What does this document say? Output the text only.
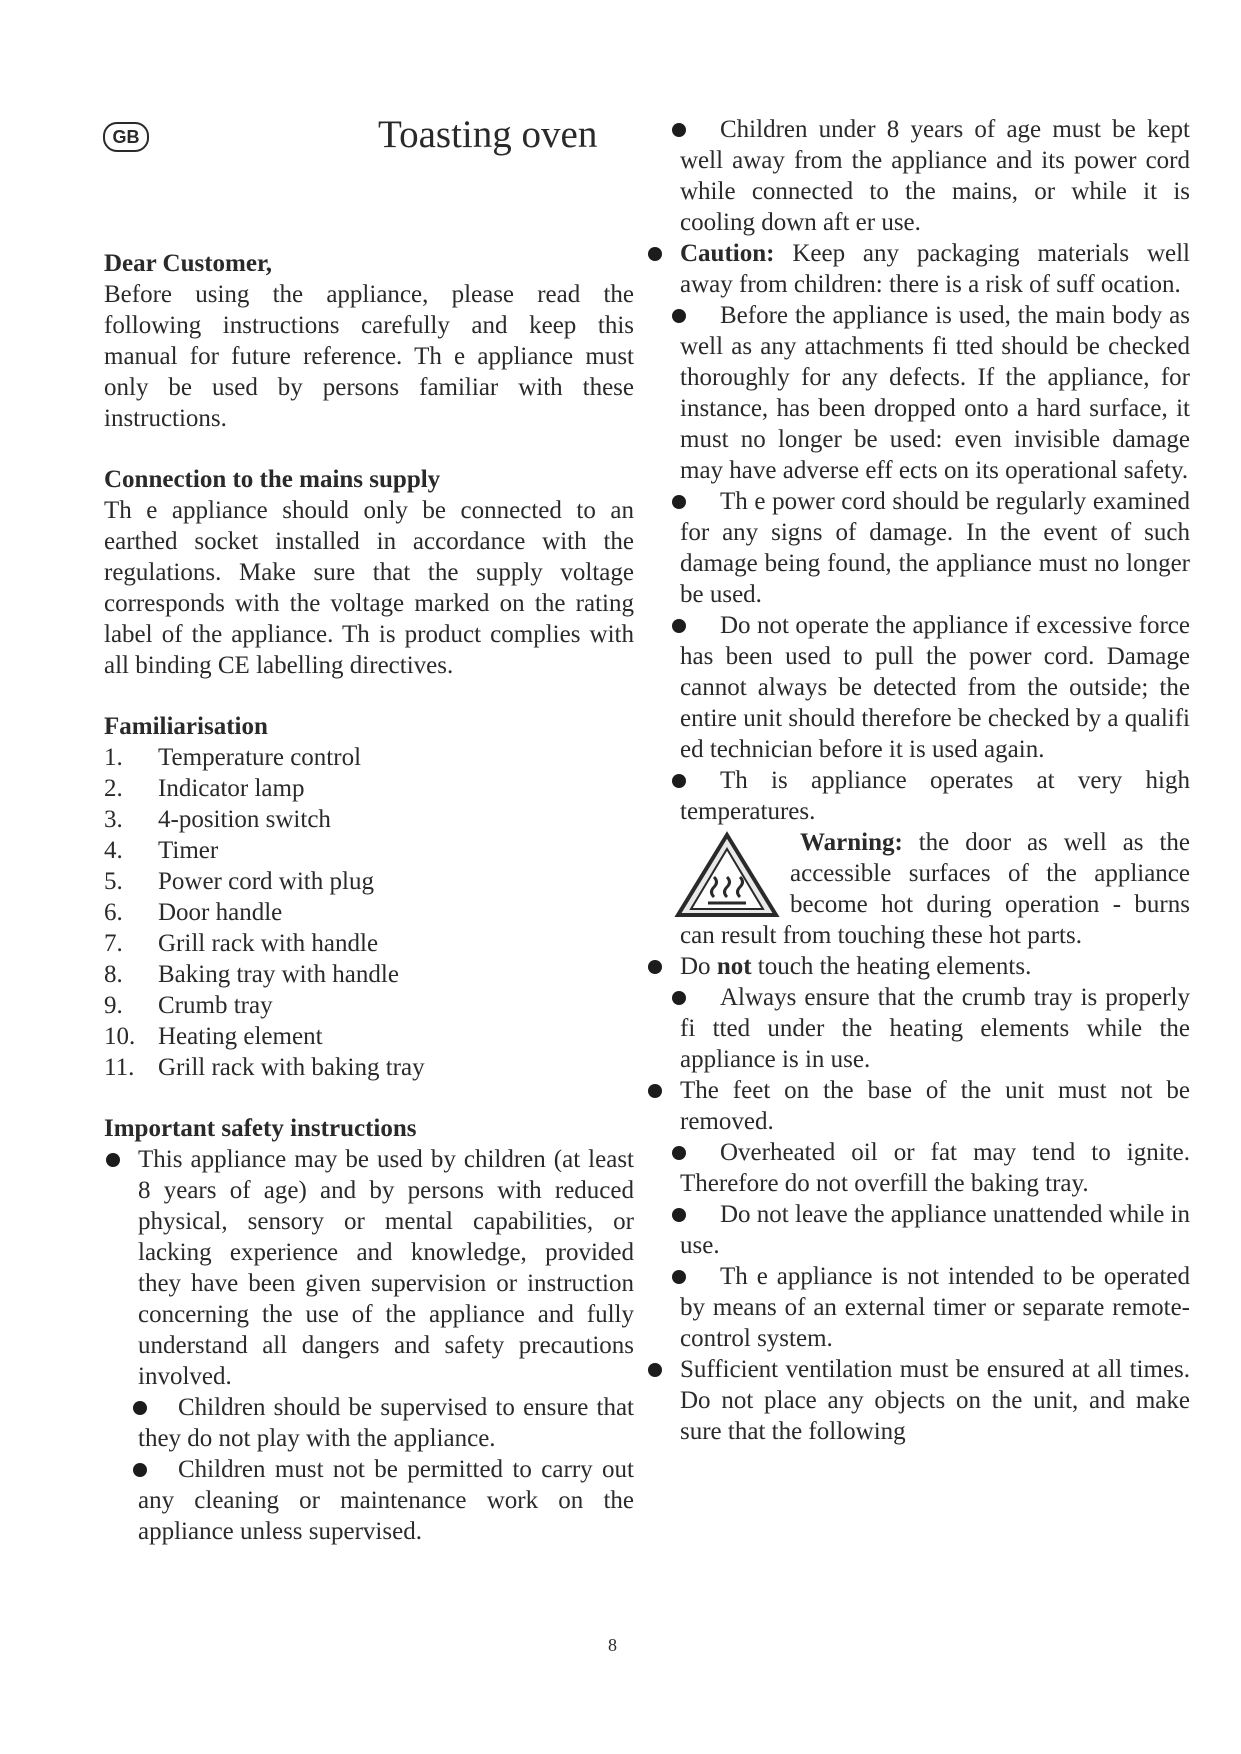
GB	Toasting oven

Dear Customer,

Before using the appliance, please read the following instructions carefully and keep this manual for future reference. Th e appliance must only be used by persons familiar with these instructions.

Connection to the mains supply

Th e appliance should only be connected to an earthed socket installed in accordance with the regulations. Make sure that the supply voltage corresponds with the voltage marked on the rating label of the appliance. Th is product complies with all binding CE labelling directives.

Familiarisation

1. Temperature control
2. Indicator lamp
3. 4-position switch
4. Timer
5. Power cord with plug
6. Door handle
7. Grill rack with handle
8. Baking tray with handle
9. Crumb tray
10. Heating element
11. Grill rack with baking tray

Important safety instructions

This appliance may be used by children (at least 8 years of age) and by persons with reduced physical, sensory or mental capabilities, or lacking experience and knowledge, provided they have been given supervision or instruction concerning the use of the appliance and fully understand all dangers and safety precautions involved.

Children should be supervised to ensure that they do not play with the appliance.

Children must not be permitted to carry out any cleaning or maintenance work on the appliance unless supervised.

Children under 8 years of age must be kept well away from the appliance and its power cord while connected to the mains, or while it is cooling down aft er use.

Caution: Keep any packaging materials well away from children: there is a risk of suff ocation.

Before the appliance is used, the main body as well as any attachments fi tted should be checked thoroughly for any defects. If the appliance, for instance, has been dropped onto a hard surface, it must no longer be used: even invisible damage may have adverse eff ects on its operational safety.

Th e power cord should be regularly examined for any signs of damage. In the event of such damage being found, the appliance must no longer be used.

Do not operate the appliance if excessive force has been used to pull the power cord. Damage cannot always be detected from the outside; the entire unit should therefore be checked by a qualifi ed technician before it is used again.

Th is appliance operates at very high temperatures.

Warning: the door as well as the accessible surfaces of the appliance become hot during operation - burns can result from touching these hot parts.

Do not touch the heating elements.

Always ensure that the crumb tray is properly fi tted under the heating elements while the appliance is in use.

The feet on the base of the unit must not be removed.

Overheated oil or fat may tend to ignite. Therefore do not overfill the baking tray.

Do not leave the appliance unattended while in use.

Th e appliance is not intended to be operated by means of an external timer or separate remote-control system.

Sufficient ventilation must be ensured at all times. Do not place any objects on the unit, and make sure that the following

8
